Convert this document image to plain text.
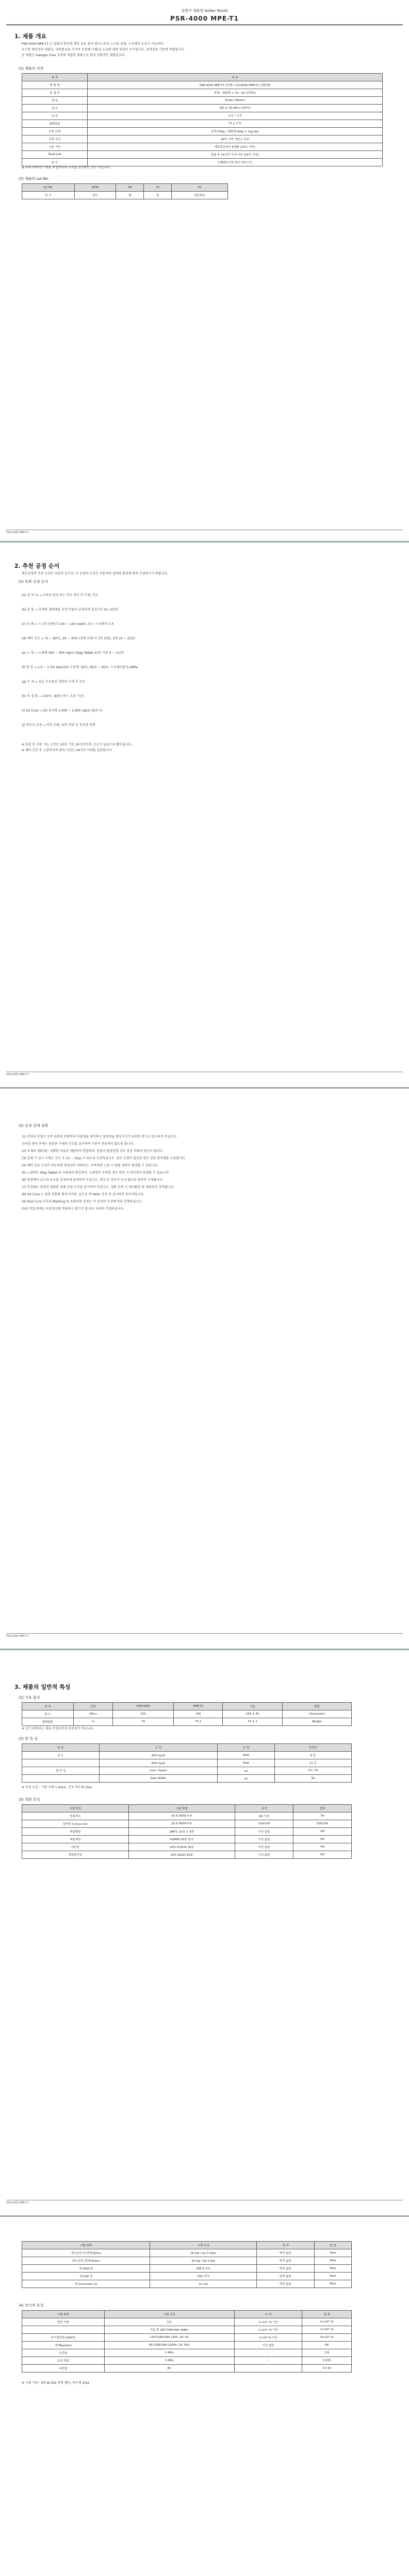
설명서 제품명 Solder Resist
PSR-4000 MPE-T1
1. 제품 개요
PSR-4000 MPE-T1 은 알칼리 현상형 액상 포토 솔더 레지스트로 스크린 인쇄, 스프레이 도포가 가능하며
우수한 해상성과 내열성, 내약품성을 가지며 무전해 니켈/금 도금에 대한 내성이 우수합니다. 표면실장 기판에 적합합니다.
본 제품은 Halogen Free 규격에 적합한 제품으로 환경 친화적인 제품입니다.
(1) 제품의 성상
항 목	내 용
제 품 명	PSR-4000 MPE-T1 (주제) / CA-4000 MPE-T1 (경화제)
혼 합 비	주제 : 경화제 = 70 : 30 (중량비)
색 상	Green (Matte)
점 도	150 ± 30 dPa·s (25℃)
비 중	1.4 ~ 1.5
불휘발분	75 ± 2 %
포장 단위	주제 700g / 경화제 300g = 1kg Set
저장 조건	20℃ 이하 냉암소 보관
사용 기간	제조일로부터 6개월 (20℃ 이하)
Shelf Life	혼합 후 24시간 이내 사용 (20℃ 기준)
용 도	인쇄회로기판 솔더 레지스트
※ 위의 데이터는 대표 측정치이며 규격을 보증하는 것은 아닙니다.
(2) 제품의 Lot No.
Lot No.	2016	04	15	01
표 기	연도	월	일	일련번호
PSR-4000 MPE-T1
2. 추천 공정 순서
제조공정의 추천 조건은 다음과 같으며, 각 공정의 조건은 사용자의 설비와 환경에 맞게 조정하시기 바랍니다.
(1) 표준 공정 순서
(a) 전 처 리 → 브러쉬 연마 또는 버프 연마 후 수세, 건조
(b) 혼 합 → 주제와 경화제를 규정 비율로 균일하게 혼합 (약 10~15분)
(c) 인 쇄 → 스크린 인쇄 (T-100 ~ 120 mesh), 또는 스프레이 도포
(d) 예비 건조 → 75 ~ 80℃, 20 ~ 30분 (양면 인쇄 시 1면 15분, 2면 20 ~ 25분)
(e) 노 광 → 노광량 400 ~ 600 mJ/㎠ (Step Tablet 21단 기준 9 ~ 11단)
(f) 현 상 → 1.0 ~ 1.5% Na2CO3 수용액, 30℃, 60초 ~ 90초, 스프레이압 0.2MPa
(g) 수 세 → 상온 수돗물로 충분히 수세 후 건조
(h) 후 경 화 → 150℃, 60분 (박스 오븐 기준)
(i) UV Cure → UV 조사량 1,000 ~ 2,000 mJ/㎠ (필요시)
(j) 마무리 공정 → 마킹 인쇄, 표면 처리 등 후공정 진행
※ 혼합 후 사용 가능 시간은 20℃ 기준 24시간이며, 온도가 높을수록 짧아집니다.
※ 예비 건조 후 노광까지의 방치 시간은 24시간 이내를 권장합니다.
PSR-4000 MPE-T1
(2) 공정 상세 설명
(1) 전처리 공정은 동박 표면의 산화막과 이물질을 제거하고 밀착력을 향상시키기 위하여 반드시 실시하여 주십시오.
브러쉬 연마 후에는 충분한 수세와 건조를 실시하여 수분이 잔류하지 않도록 합니다.
(2) 주제와 경화제는 정확한 비율로 계량하여 혼합하며, 혼합이 불충분할 경우 물성 저하의 원인이 됩니다.
(3) 인쇄 시 잉크 두께는 건조 후 15 ~ 25㎛ 가 되도록 조정하십시오. 점도 조정이 필요한 경우 전용 희석제를 사용합니다.
(4) 예비 건조 조건이 과도하면 현상성이 저하되고, 부족하면 노광 시 필름 접착이 발생할 수 있습니다.
(5) 노광량은 Step Tablet 을 사용하여 확인하며, 노광량이 부족할 경우 현상 시 언더컷이 발생할 수 있습니다.
(6) 현상액의 온도와 농도를 일정하게 관리하여 주십시오. 현상 후 잔사가 남지 않도록 충분히 수세합니다.
(7) 후경화는 충분한 경화를 위해 규정 조건을 준수하여 주십시오. 경화 부족 시 내약품성 및 내열성이 저하됩니다.
(8) UV Cure 는 표면 경화를 향상시키며, 금도금 및 HASL 공정 전 실시하면 효과적입니다.
(9) Post Cure 이후의 Marking 및 표면처리 공정은 각 공정의 조건에 따라 진행하십시오.
(10) 작업 중에는 보호장구를 착용하고 환기가 잘 되는 곳에서 작업하십시오.
PSR-4000 MPE-T1
3. 제품의 일반적 특성
(1) 기초 물성
항 목	단위	PSR-4000	MPE-T1	기준	방법
점 도	dPa·s	150	145	150 ± 30	Viscometer
불휘발분	%	75	75.2	75 ± 2	Weight
※ 상기 데이터는 대표 측정치이며 보증치가 아닙니다.
(2) 광 특 성
항 목	조 건	단 위	측정치
감 도	400 mJ/㎠	Step	9 단
	600 mJ/㎠	Step	11 단
해 상 성	Line / Space	㎛	75 / 75
	Dam Width	㎛	50
※ 측정 조건 : 기판 두께 1.6mm, 건조 막두께 20㎛
(3) 경화 특성
시험 항목	시험 방법	규격	결과
연필경도	JIS K 5600-5-4	6H 이상	7H
밀착성 (Cross-cut)	JIS K 5600-5-6	100/100	100/100
내납땜성	288℃ 10초 × 3회	이상 없음	OK
내용제성	PGMEA 30분 침지	이상 없음	OK
내산성	10% H2SO4 30분	이상 없음	OK
내알칼리성	10% NaOH 30분	이상 없음	OK
PSR-4000 MPE-T1
시험 항목	시험 조건	결 과	판 정
내도금성 (무전해 Ni/Au)	Ni 5㎛ / Au 0.05㎛	박리 없음	Pass
내도금성 (전해 Ni/Au)	Ni 5㎛ / Au 0.5㎛	박리 없음	Pass
내 HASL성	265℃ 5초	박리 없음	Pass
내 OSP 성	OSP 처리	변색 없음	Pass
내 Immersion Sn	Sn 1㎛	박리 없음	Pass
(4) 전기적 특성
시험 항목	시험 조건	규 격	결 과
절연 저항	상온	1×10¹² Ω 이상	5×10¹³ Ω
	가습 후 (85℃/85%RH 168h)	1×10¹⁰ Ω 이상	3×10¹² Ω
전기절연성 (HAST)	130℃/85%RH 100h, DC 5V	1×10⁸ Ω 이상	4×10¹⁰ Ω
내 Migration	85℃/85%RH 1000h, DC 50V	이상 없음	OK
유전율	1 MHz	-	3.8
유전 정접	1 MHz	-	0.025
내전압	AC	-	3.5 kV
※ 시험 기판 : IPC-B-25A 빗형 패턴, 막두께 20㎛
